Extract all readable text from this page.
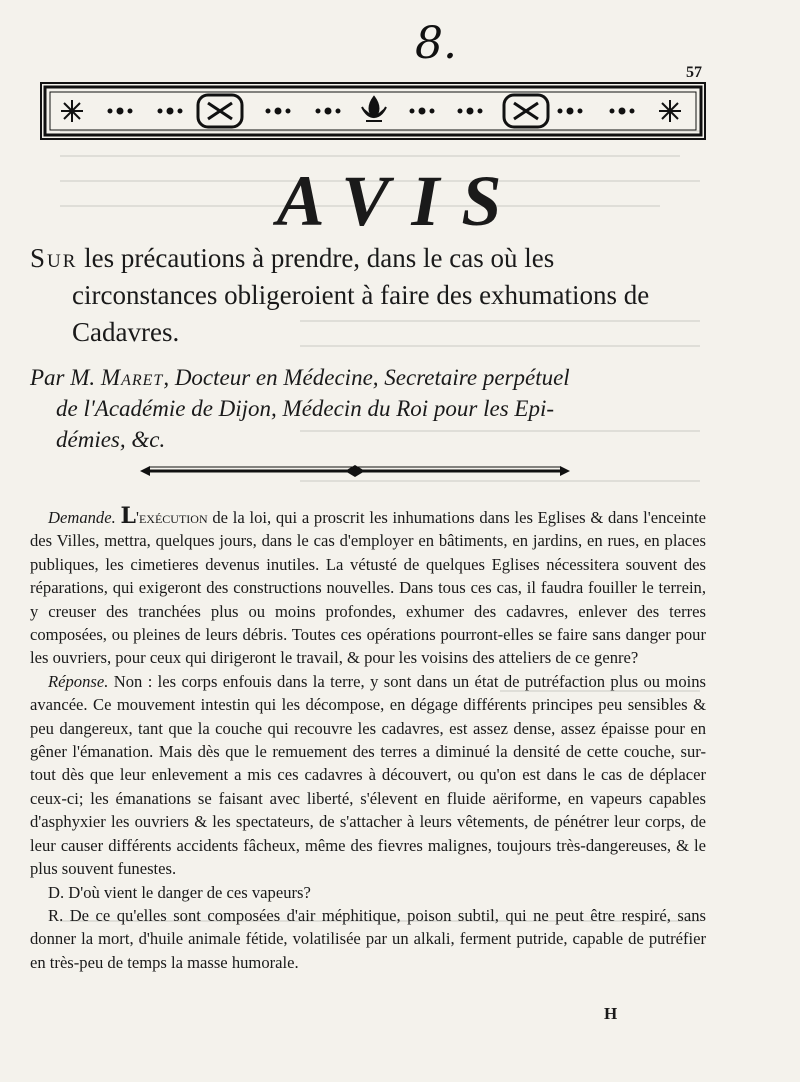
8.
57
AVIS
Sur les précautions à prendre, dans le cas où les
circonstances obligeroient à faire des exhumations de
Cadavres.
Par M. Maret, Docteur en Médecine, Secretaire perpétuel
de l'Académie de Dijon, Médecin du Roi pour les Epi-
démies, &c.

Demande. L'exécution de la loi, qui a proscrit les inhumations dans les Eglises & dans l'enceinte des Villes, mettra, quelques jours, dans le cas d'employer en bâtiments, en jardins, en rues, en places publiques, les cimetieres devenus inutiles. La vétusté de quelques Eglises nécessitera souvent des réparations, qui exigeront des constructions nouvelles. Dans tous ces cas, il faudra fouiller le terrein, y creuser des tranchées plus ou moins profondes, exhumer des cadavres, enlever des terres composées, ou pleines de leurs débris. Toutes ces opérations pourront-elles se faire sans danger pour les ouvriers, pour ceux qui dirigeront le travail, & pour les voisins des atteliers de ce genre?

Réponse. Non : les corps enfouis dans la terre, y sont dans un état de putréfaction plus ou moins avancée. Ce mouvement intestin qui les décompose, en dégage différents principes peu sensibles & peu dangereux, tant que la couche qui recouvre les cadavres, est assez dense, assez épaisse pour en gêner l'émanation. Mais dès que le remuement des terres a diminué la densité de cette couche, sur-tout dès que leur enlevement a mis ces cadavres à découvert, ou qu'on est dans le cas de déplacer ceux-ci; les émanations se faisant avec liberté, s'élevent en fluide aëriforme, en vapeurs capables d'asphyxier les ouvriers & les spectateurs, de s'attacher à leurs vêtements, de pénétrer leur corps, de leur causer différents accidents fâcheux, même des fievres malignes, toujours très-dangereuses, & le plus souvent funestes.

D. D'où vient le danger de ces vapeurs?

R. De ce qu'elles sont composées d'air méphitique, poison subtil, qui ne peut être respiré, sans donner la mort, d'huile animale fétide, volatilisée par un alkali, ferment putride, capable de putréfier en très-peu de temps la masse humorale.

H
